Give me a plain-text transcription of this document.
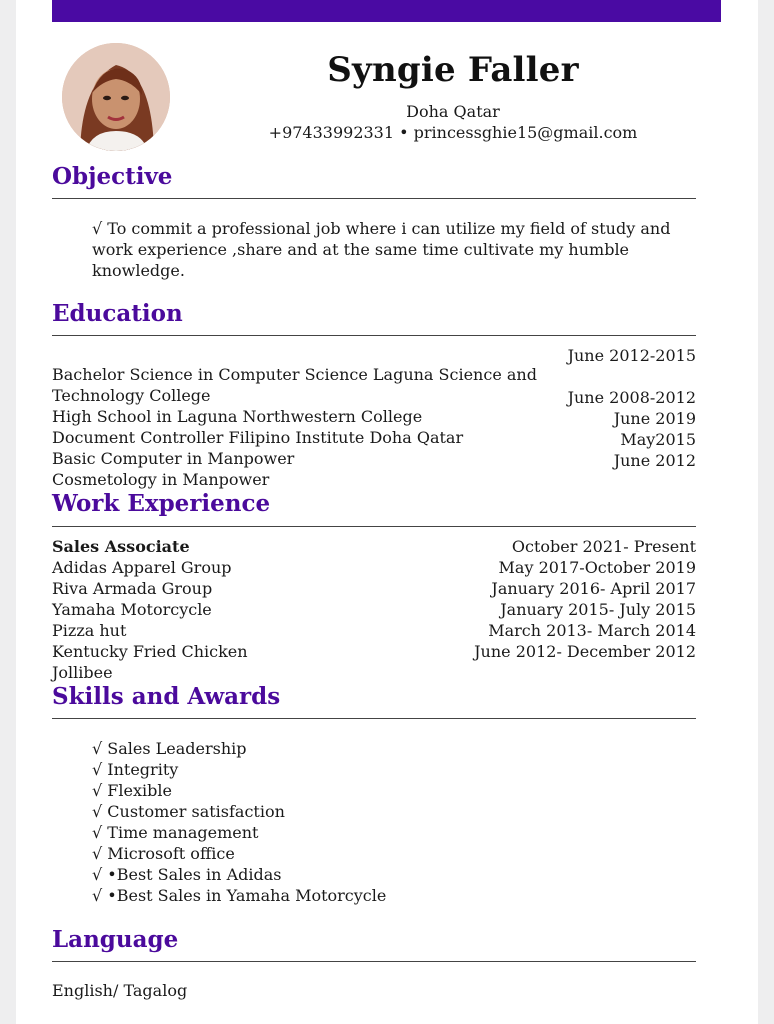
Syngie Faller
Doha Qatar
+97433992331 • princessghie15@gmail.com
Objective
√ To commit a professional job where i can utilize my field of study and work experience ,share and at the same time cultivate my humble knowledge.
Education
Bachelor Science in Computer Science Laguna Science and
Technology College
High School in Laguna Northwestern College
Document Controller Filipino Institute Doha Qatar
Basic Computer in Manpower
Cosmetology in Manpower
June 2012-2015
June 2008-2012
June 2019
May2015
June 2012
Work Experience
Sales Associate
Adidas Apparel Group
Riva Armada Group
Yamaha Motorcycle
Pizza hut
Kentucky Fried Chicken
Jollibee
October 2021- Present
May 2017-October 2019
January 2016- April 2017
January 2015- July 2015
March 2013- March 2014
June 2012- December 2012
Skills and Awards
√ Sales Leadership
√ Integrity
√ Flexible
√ Customer satisfaction
√ Time management
√ Microsoft office
√ •Best Sales in Adidas
√ •Best Sales in Yamaha Motorcycle
Language
English/ Tagalog
